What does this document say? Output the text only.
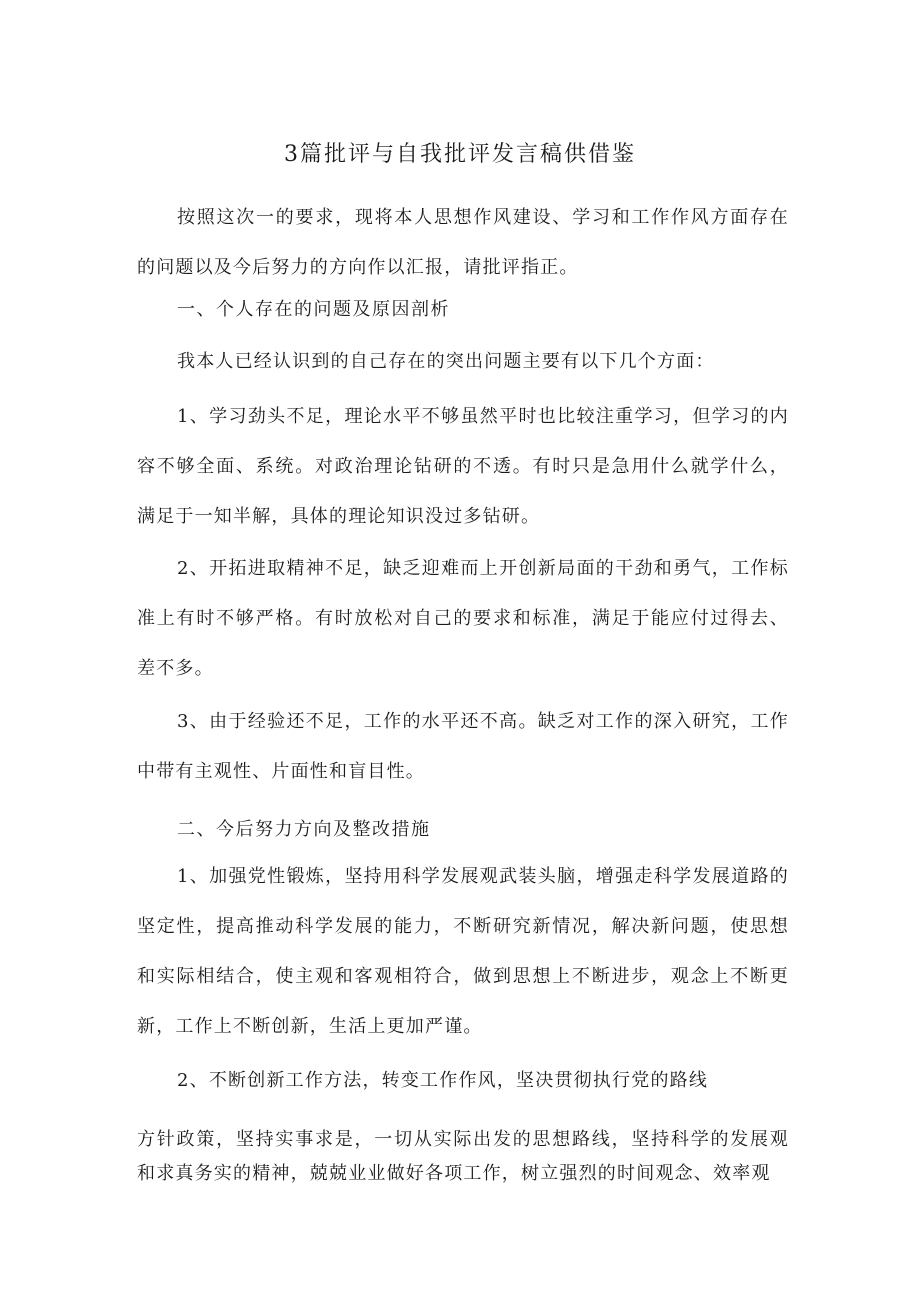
3篇批评与自我批评发言稿供借鉴

按照这次一的要求，现将本人思想作风建设、学习和工作作风方面存在的问题以及今后努力的方向作以汇报，请批评指正。

一、个人存在的问题及原因剖析

我本人已经认识到的自己存在的突出问题主要有以下几个方面：

1、学习劲头不足，理论水平不够虽然平时也比较注重学习，但学习的内容不够全面、系统。对政治理论钻研的不透。有时只是急用什么就学什么，满足于一知半解，具体的理论知识没过多钻研。

2、开拓进取精神不足，缺乏迎难而上开创新局面的干劲和勇气，工作标准上有时不够严格。有时放松对自己的要求和标准，满足于能应付过得去、差不多。

3、由于经验还不足，工作的水平还不高。缺乏对工作的深入研究，工作中带有主观性、片面性和盲目性。

二、今后努力方向及整改措施

1、加强党性锻炼，坚持用科学发展观武装头脑，增强走科学发展道路的坚定性，提高推动科学发展的能力，不断研究新情况，解决新问题，使思想和实际相结合，使主观和客观相符合，做到思想上不断进步，观念上不断更新，工作上不断创新，生活上更加严谨。

2、不断创新工作方法，转变工作作风，坚决贯彻执行党的路线

方针政策，坚持实事求是，一切从实际出发的思想路线，坚持科学的发展观和求真务实的精神，兢兢业业做好各项工作，树立强烈的时间观念、效率观
